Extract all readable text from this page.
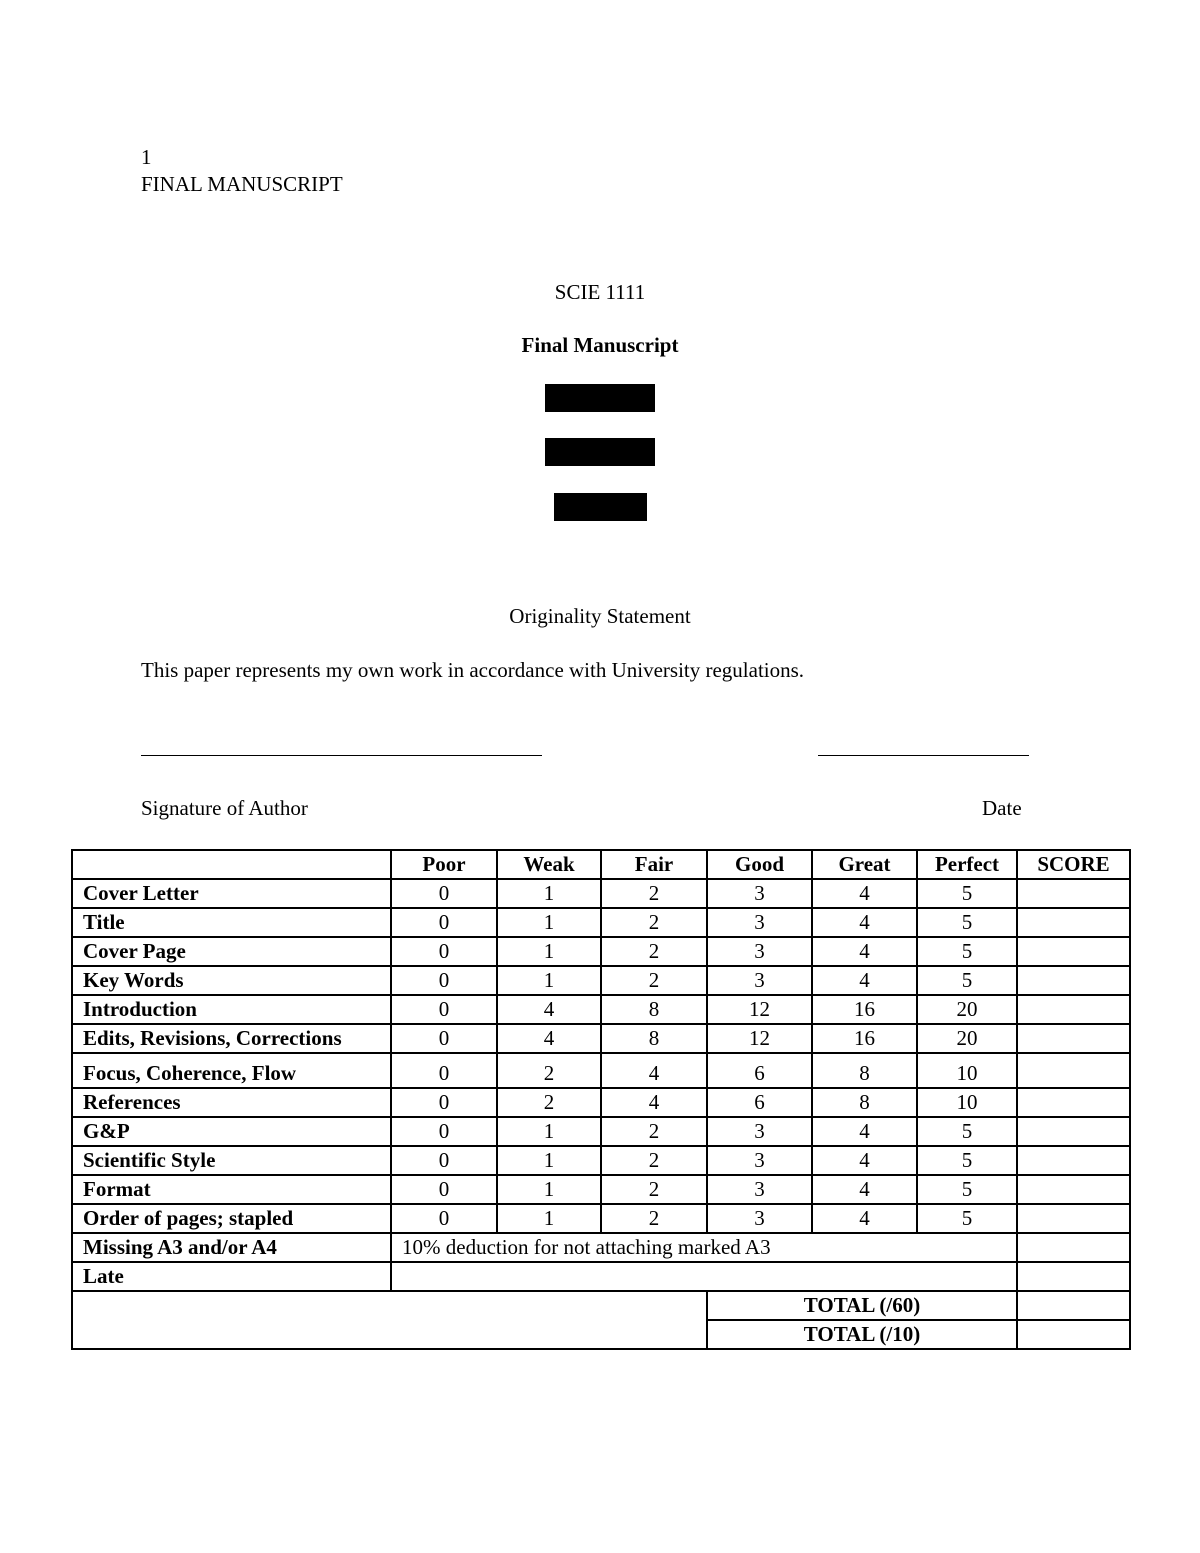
1
FINAL MANUSCRIPT
SCIE 1111
Final Manuscript
Originality Statement
This paper represents my own work in accordance with University regulations.
Signature of Author	Date
	Poor	Weak	Fair	Good	Great	Perfect	SCORE
Cover Letter	0	1	2	3	4	5	
Title	0	1	2	3	4	5	
Cover Page	0	1	2	3	4	5	
Key Words	0	1	2	3	4	5	
Introduction	0	4	8	12	16	20	
Edits, Revisions, Corrections	0	4	8	12	16	20	
Focus, Coherence, Flow	0	2	4	6	8	10	
References	0	2	4	6	8	10	
G&P	0	1	2	3	4	5	
Scientific Style	0	1	2	3	4	5	
Format	0	1	2	3	4	5	
Order of pages; stapled	0	1	2	3	4	5	
Missing A3 and/or A4	10% deduction for not attaching marked A3						
Late							
				TOTAL (/60)			
				TOTAL (/10)			
